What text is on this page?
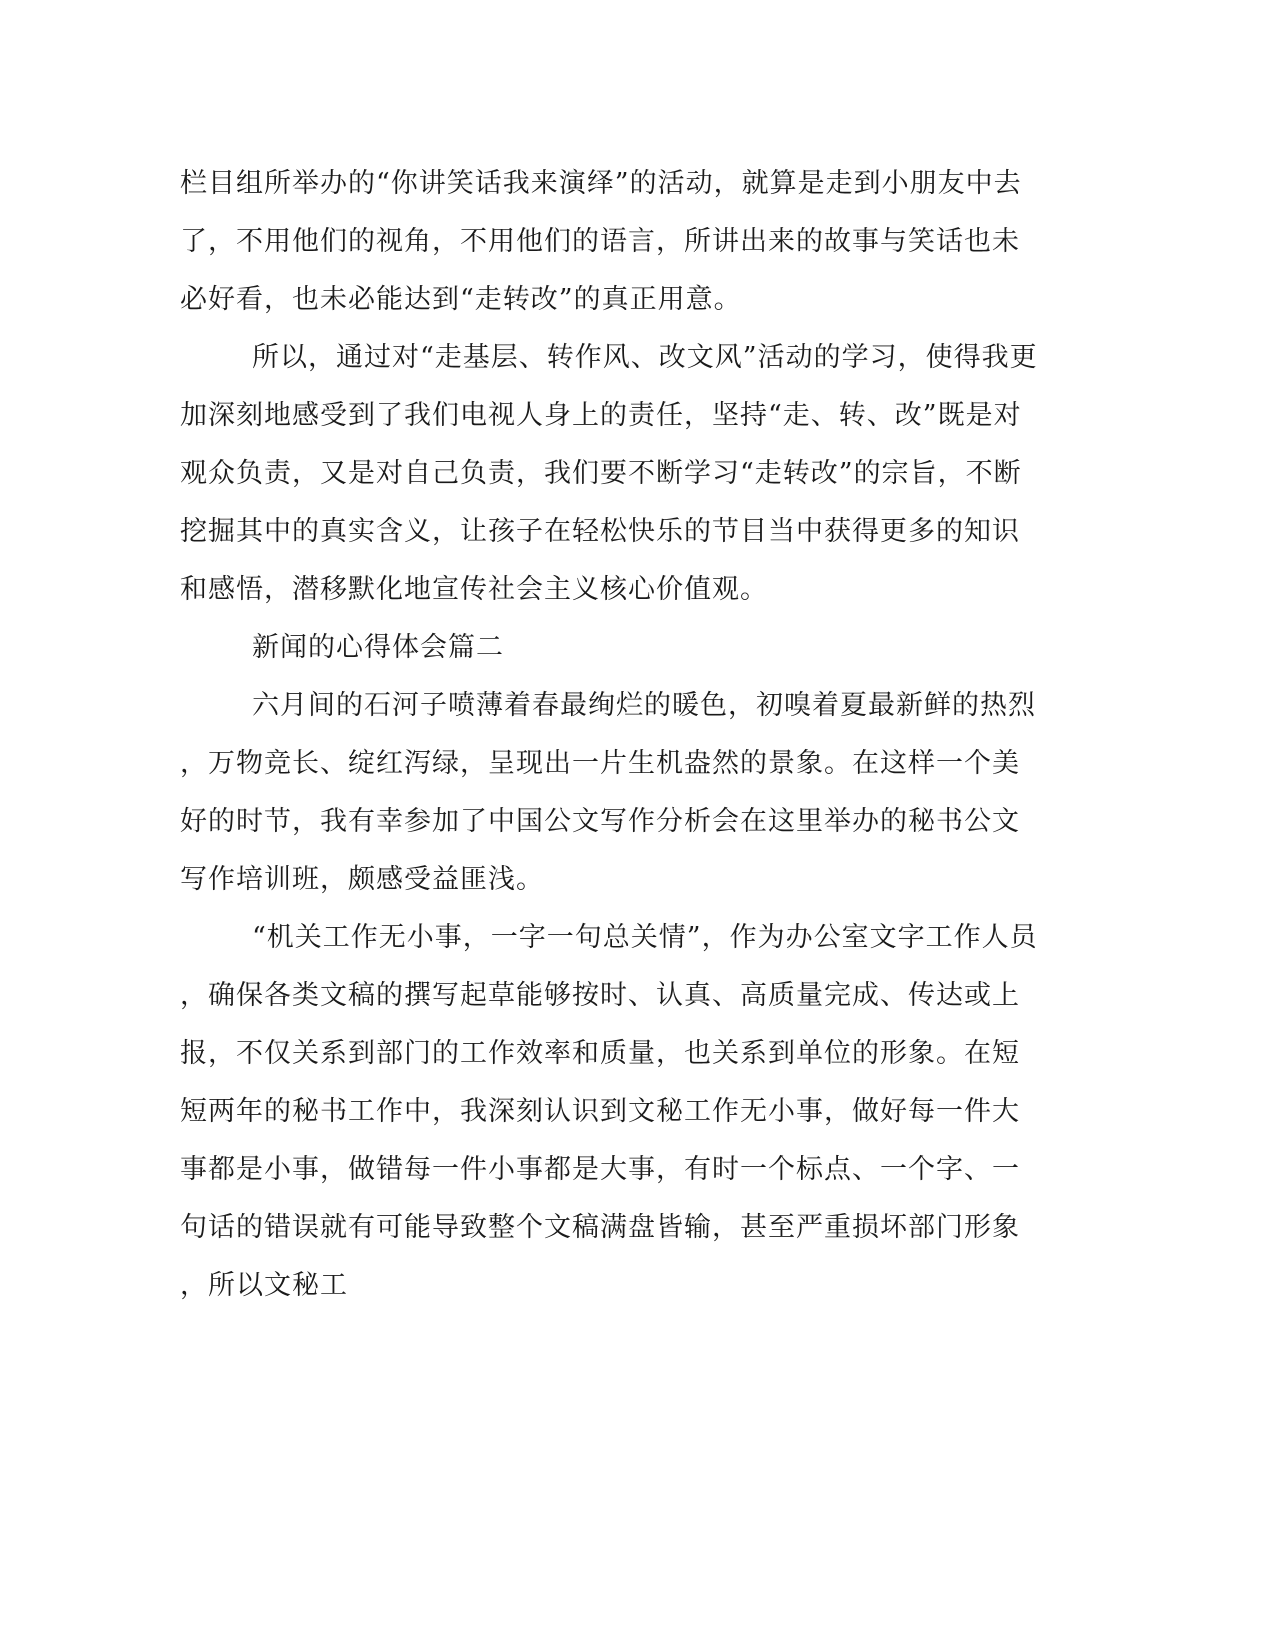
栏目组所举办的“你讲笑话我来演绎”的活动，就算是走到小朋友中去
了，不用他们的视角，不用他们的语言，所讲出来的故事与笑话也未
必好看，也未必能达到“走转改”的真正用意。
所以，通过对“走基层、转作风、改文风”活动的学习，使得我更
加深刻地感受到了我们电视人身上的责任，坚持“走、转、改”既是对
观众负责，又是对自己负责，我们要不断学习“走转改”的宗旨，不断
挖掘其中的真实含义，让孩子在轻松快乐的节目当中获得更多的知识
和感悟，潜移默化地宣传社会主义核心价值观。
新闻的心得体会篇二
六月间的石河子喷薄着春最绚烂的暖色，初嗅着夏最新鲜的热烈
，万物竞长、绽红泻绿，呈现出一片生机盎然的景象。在这样一个美
好的时节，我有幸参加了中国公文写作分析会在这里举办的秘书公文
写作培训班，颇感受益匪浅。
“机关工作无小事，一字一句总关情”，作为办公室文字工作人员
，确保各类文稿的撰写起草能够按时、认真、高质量完成、传达或上
报，不仅关系到部门的工作效率和质量，也关系到单位的形象。在短
短两年的秘书工作中，我深刻认识到文秘工作无小事，做好每一件大
事都是小事，做错每一件小事都是大事，有时一个标点、一个字、一
句话的错误就有可能导致整个文稿满盘皆输，甚至严重损坏部门形象
，所以文秘工
